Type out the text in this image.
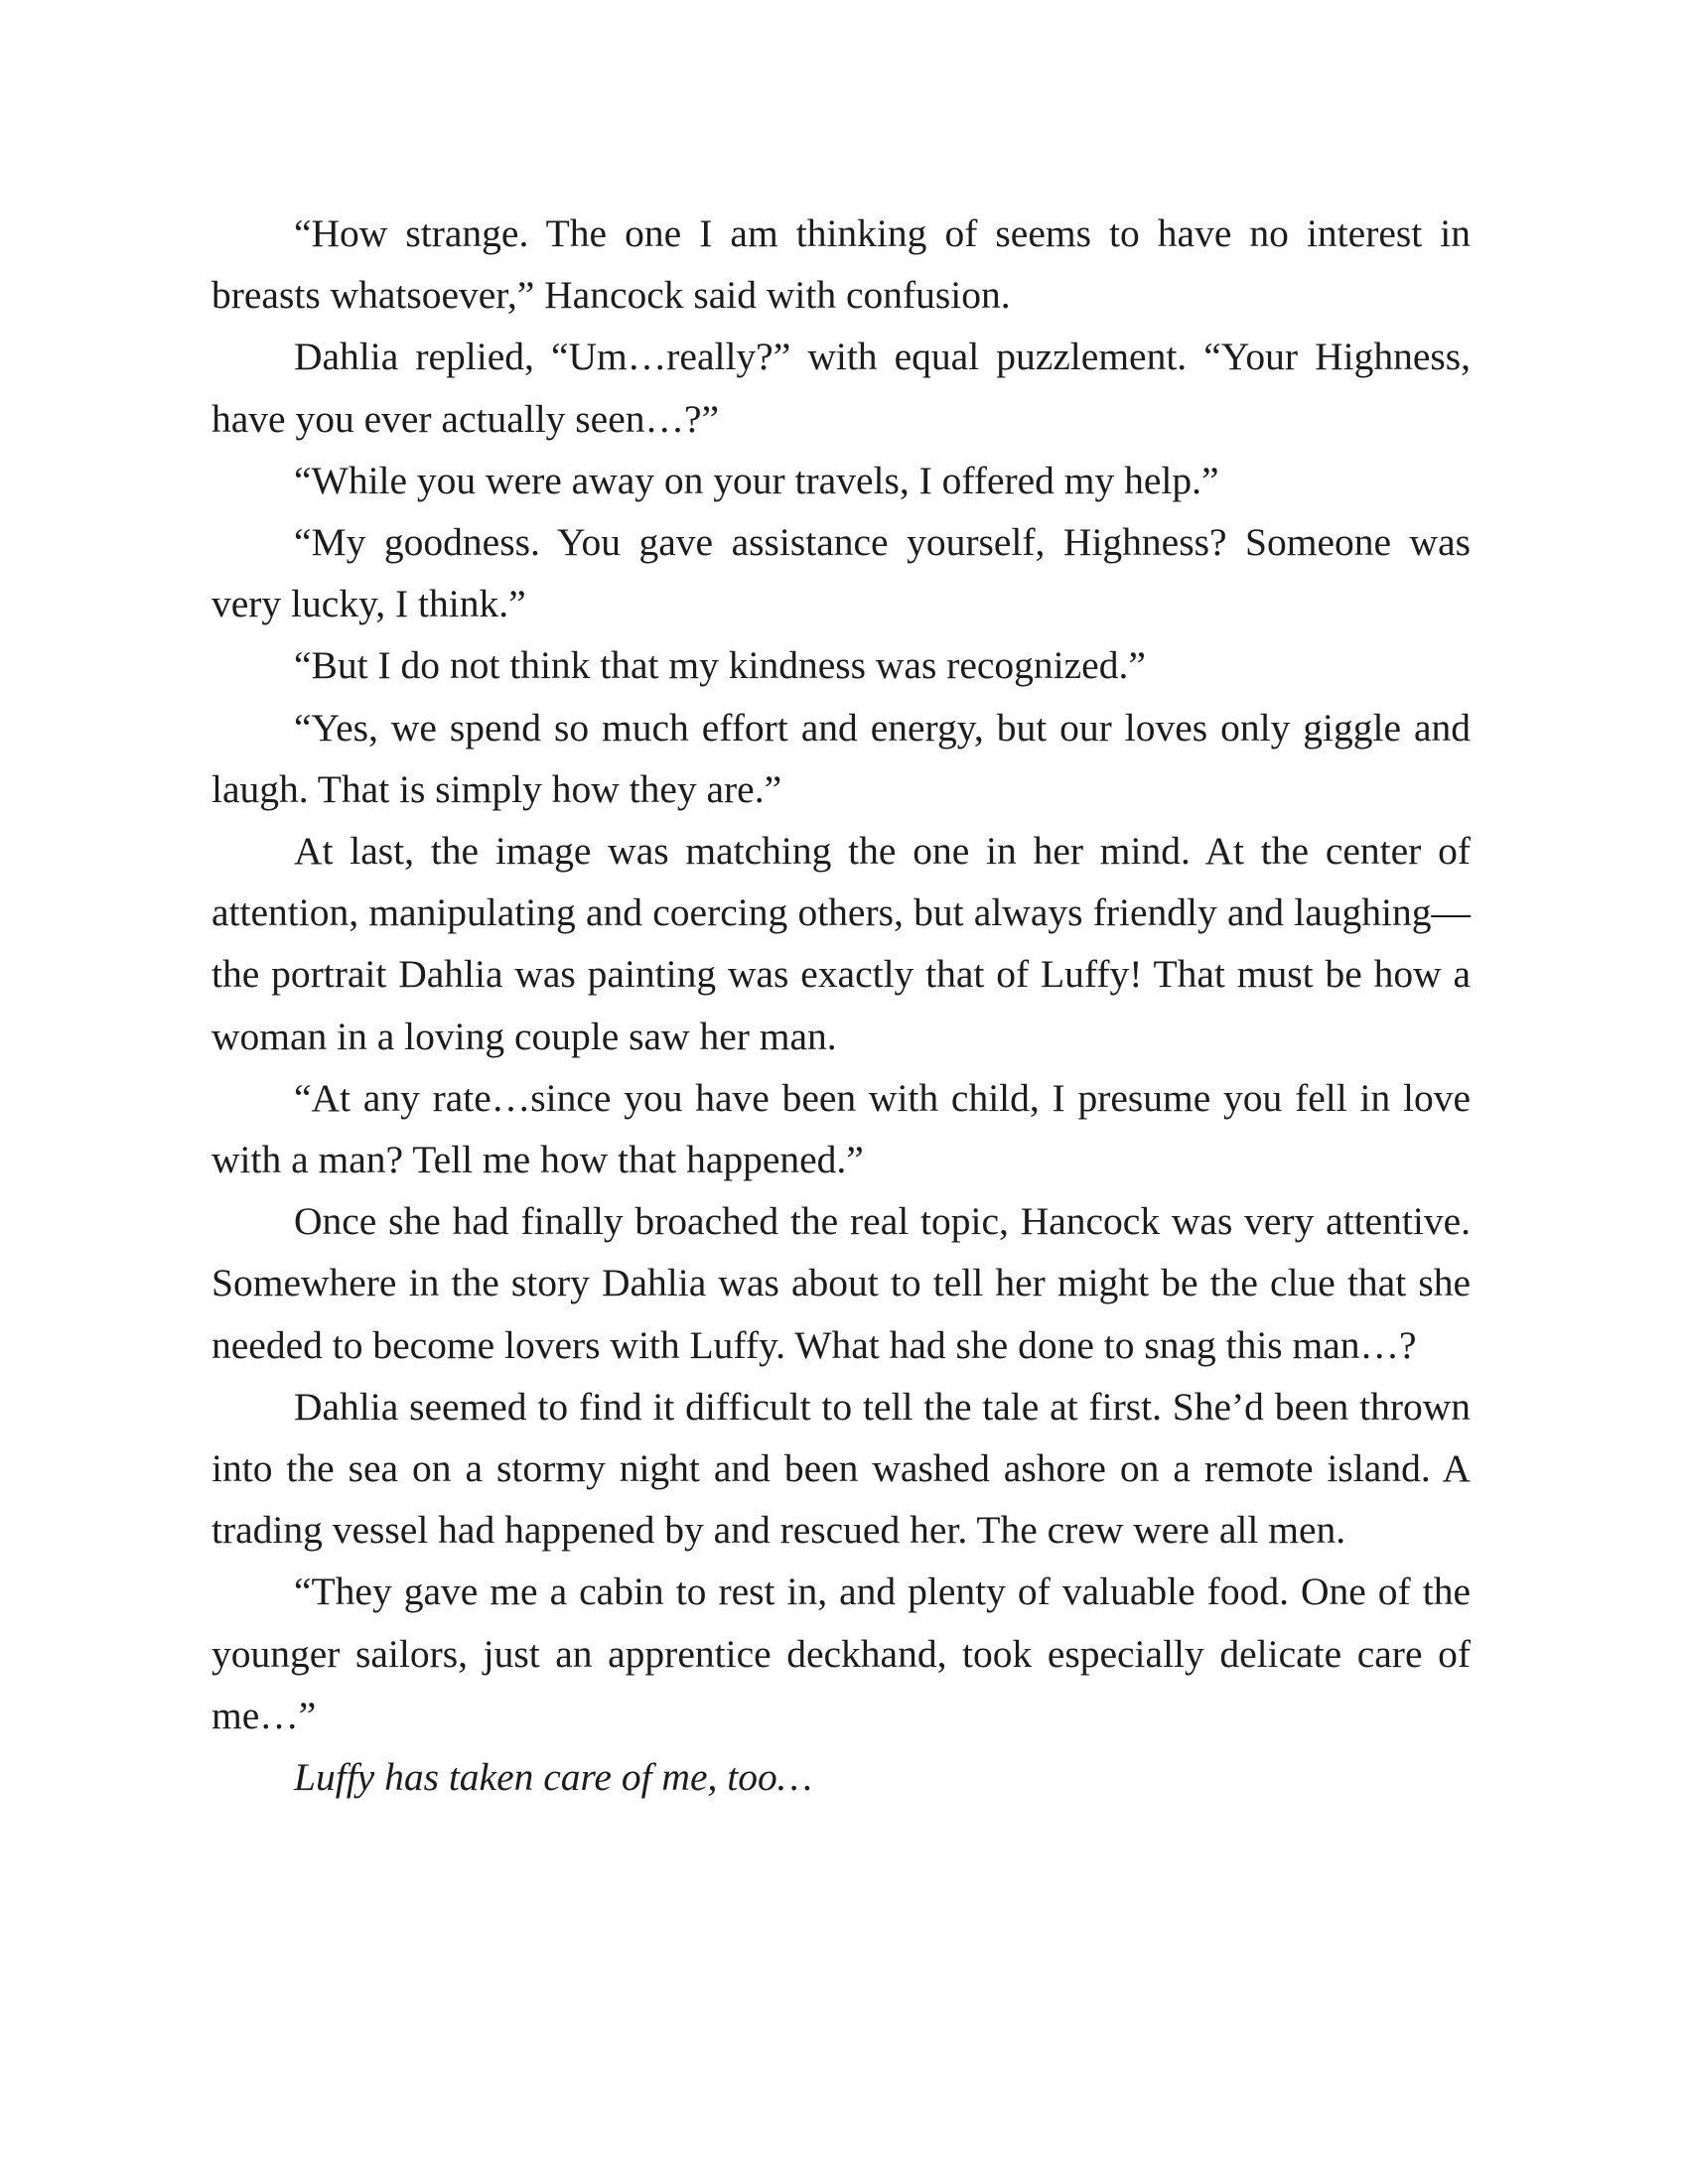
“How strange. The one I am thinking of seems to have no interest in breasts whatsoever,” Hancock said with confusion.

Dahlia replied, “Um…really?” with equal puzzlement. “Your Highness, have you ever actually seen…?”

“While you were away on your travels, I offered my help.”

“My goodness. You gave assistance yourself, Highness? Someone was very lucky, I think.”

“But I do not think that my kindness was recognized.”

“Yes, we spend so much effort and energy, but our loves only giggle and laugh. That is simply how they are.”

At last, the image was matching the one in her mind. At the center of attention, manipulating and coercing others, but always friendly and laughing—the portrait Dahlia was painting was exactly that of Luffy! That must be how a woman in a loving couple saw her man.

“At any rate…since you have been with child, I presume you fell in love with a man? Tell me how that happened.”

Once she had finally broached the real topic, Hancock was very attentive. Somewhere in the story Dahlia was about to tell her might be the clue that she needed to become lovers with Luffy. What had she done to snag this man…?

Dahlia seemed to find it difficult to tell the tale at first. She’d been thrown into the sea on a stormy night and been washed ashore on a remote island. A trading vessel had happened by and rescued her. The crew were all men.

“They gave me a cabin to rest in, and plenty of valuable food. One of the younger sailors, just an apprentice deckhand, took especially delicate care of me…”

Luffy has taken care of me, too…
